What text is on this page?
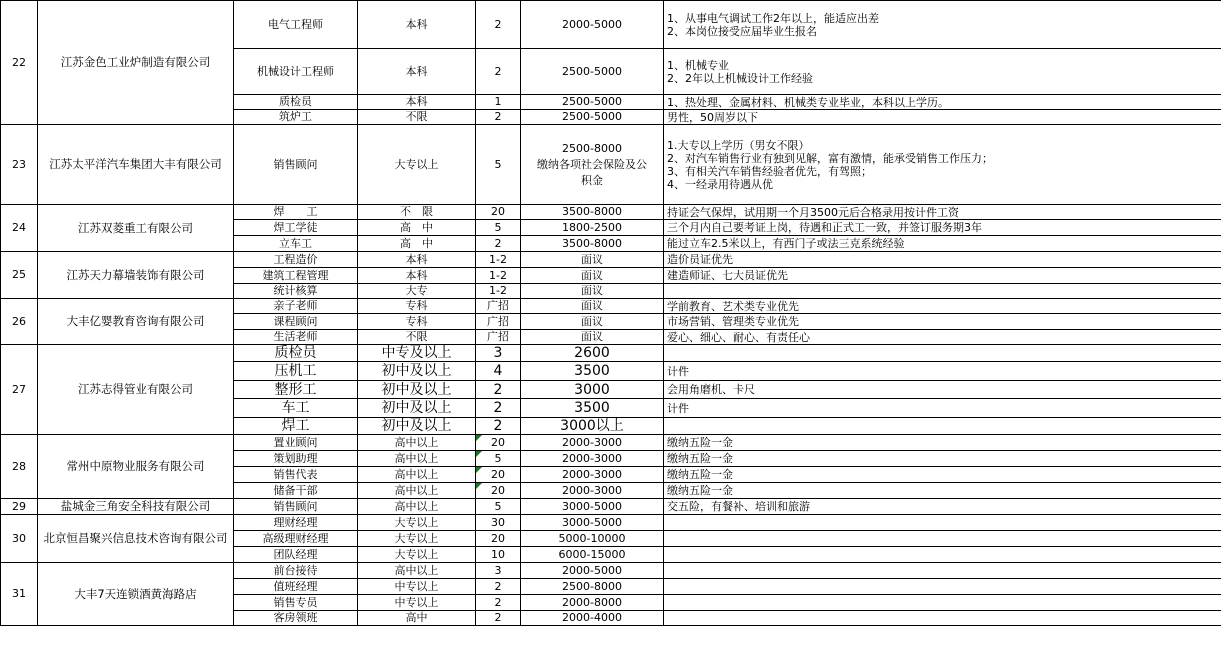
22	江苏金色工业炉制造有限公司	电气工程师	本科	2	2000-5000	1、从事电气调试工作2年以上，能适应出差
2、本岗位接受应届毕业生报名
		机械设计工程师	本科	2	2500-5000	1、机械专业
2、2年以上机械设计工作经验
		质检员	本科	1	2500-5000	1、热处理、金属材料、机械类专业毕业，本科以上学历。
		筑炉工	不限	2	2500-5000	男性，50周岁以下
23	江苏太平洋汽车集团大丰有限公司	销售顾问	大专以上	5	2500-8000
缴纳各项社会保险及公
积金	1.大专以上学历（男女不限）
2、对汽车销售行业有独到见解，富有激情，能承受销售工作压力；
3、有相关汽车销售经验者优先，有驾照；
4、一经录用待遇从优
24	江苏双菱重工有限公司	焊　　工	不　限	20	3500-8000	持证会气保焊，试用期一个月3500元后合格录用按计件工资
		焊工学徒	高　中	5	1800-2500	三个月内自己要考证上岗，待遇和正式工一致，并签订服务期3年
		立车工	高　中	2	3500-8000	能过立车2.5米以上，有西门子或法三克系统经验
25	江苏天力幕墙装饰有限公司	工程造价	本科	1-2	面议	造价员证优先
		建筑工程管理	本科	1-2	面议	建造师证、七大员证优先
		统计核算	大专	1-2	面议	
26	大丰亿婴教育咨询有限公司	亲子老师	专科	广招	面议	学前教育、艺术类专业优先
		课程顾问	专科	广招	面议	市场营销、管理类专业优先
		生活老师	不限	广招	面议	爱心、细心、耐心、有责任心
27	江苏志得管业有限公司	质检员	中专及以上	3	2600	
		压机工	初中及以上	4	3500	计件
		整形工	初中及以上	2	3000	会用角磨机、卡尺
		车工	初中及以上	2	3500	计件
		焊工	初中及以上	2	3000以上	
28	常州中原物业服务有限公司	置业顾问	高中以上	20	2000-3000	缴纳五险一金
		策划助理	高中以上	5	2000-3000	缴纳五险一金
		销售代表	高中以上	20	2000-3000	缴纳五险一金
		储备干部	高中以上	20	2000-3000	缴纳五险一金
29	盐城金三角安全科技有限公司	销售顾问	高中以上	5	3000-5000	交五险，有餐补、培训和旅游
30	北京恒昌聚兴信息技术咨询有限公司	理财经理	大专以上	30	3000-5000	
		高级理财经理	大专以上	20	5000-10000	
		团队经理	大专以上	10	6000-15000	
31	大丰7天连锁酒黄海路店	前台接待	高中以上	3	2000-5000	
		值班经理	中专以上	2	2500-8000	
		销售专员	中专以上	2	2000-8000	
		客房领班	高中	2	2000-4000	
